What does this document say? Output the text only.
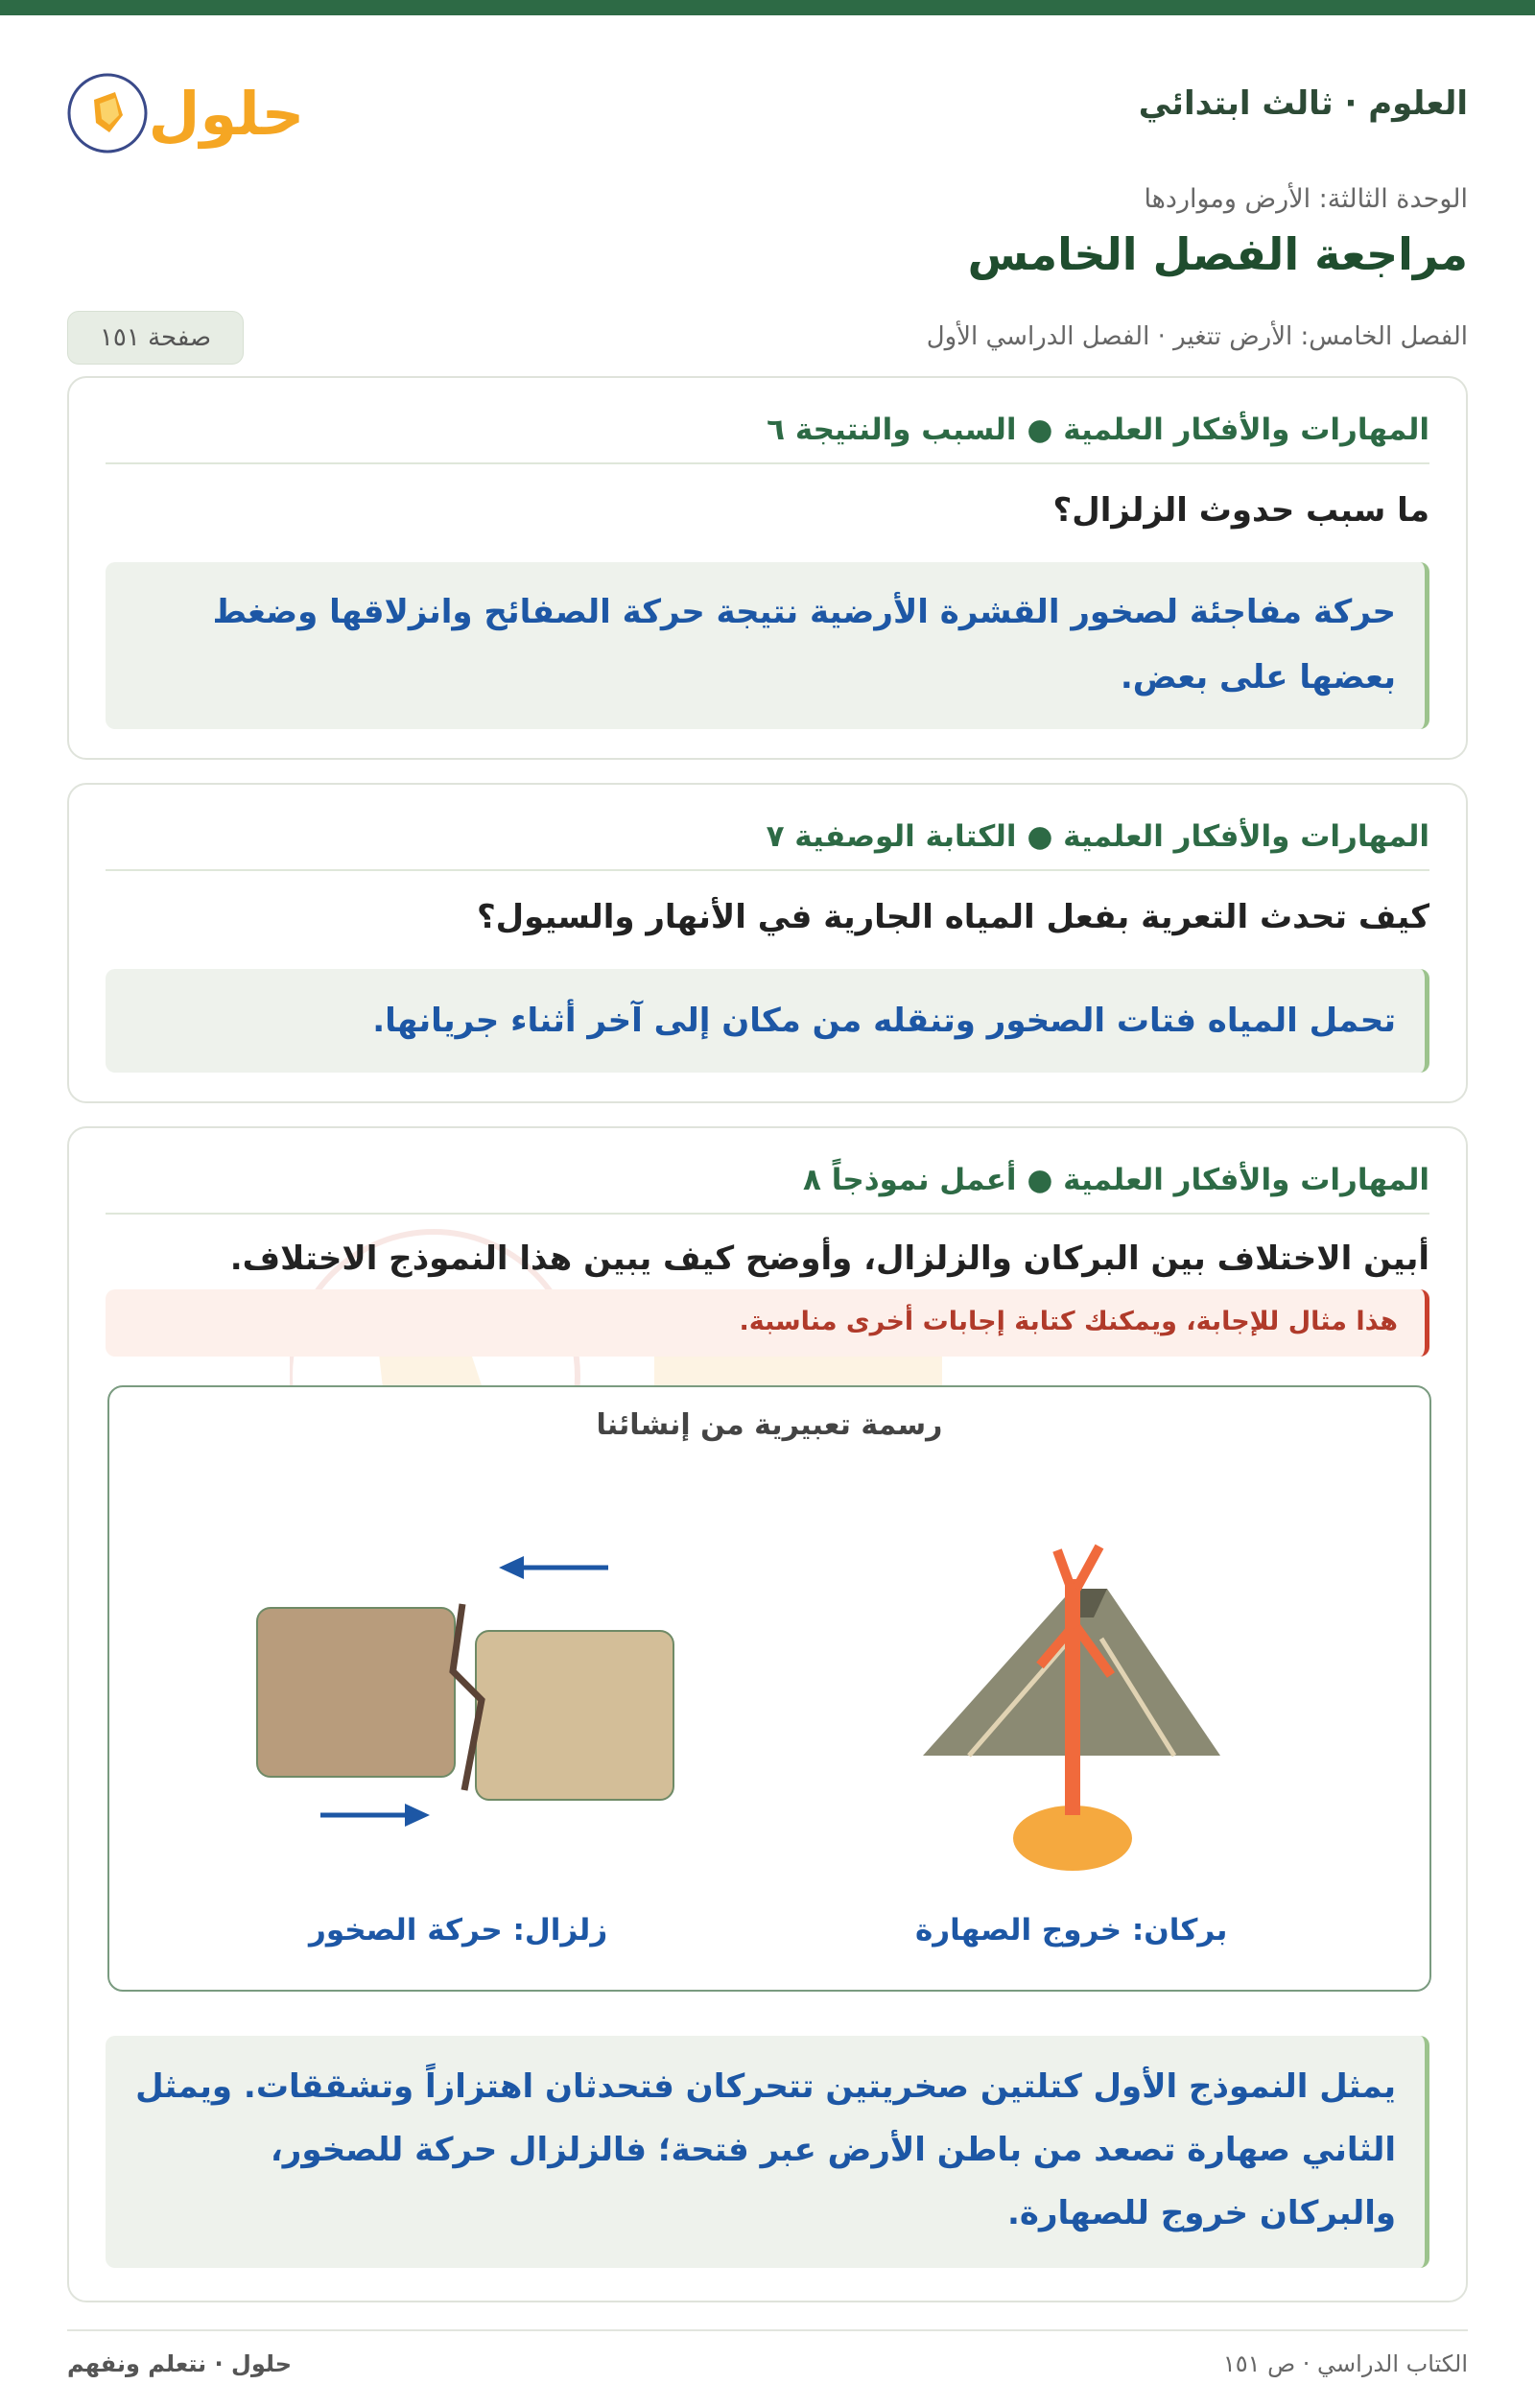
العلوم · ثالث ابتدائي
حلول
الوحدة الثالثة: الأرض ومواردها
مراجعة الفصل الخامس
الفصل الخامس: الأرض تتغير · الفصل الدراسي الأول
صفحة ١٥١
المهارات والأفكار العلمية ● السبب والنتيجة ٦
ما سبب حدوث الزلزال؟
حركة مفاجئة لصخور القشرة الأرضية نتيجة حركة الصفائح وانزلاقها وضغط بعضها على بعض.
المهارات والأفكار العلمية ● الكتابة الوصفية ٧
كيف تحدث التعرية بفعل المياه الجارية في الأنهار والسيول؟
تحمل المياه فتات الصخور وتنقله من مكان إلى آخر أثناء جريانها.
المهارات والأفكار العلمية ● أعمل نموذجاً ٨
أبين الاختلاف بين البركان والزلزال، وأوضح كيف يبين هذا النموذج الاختلاف.
هذا مثال للإجابة، ويمكنك كتابة إجابات أخرى مناسبة.
رسمة تعبيرية من إنشائنا
زلزال: حركة الصخور	بركان: خروج الصهارة
يمثل النموذج الأول كتلتين صخريتين تتحركان فتحدثان اهتزازاً وتشققات. ويمثل الثاني صهارة تصعد من باطن الأرض عبر فتحة؛ فالزلزال حركة للصخور، والبركان خروج للصهارة.
الكتاب الدراسي · ص ١٥١
حلول · نتعلم ونفهم
